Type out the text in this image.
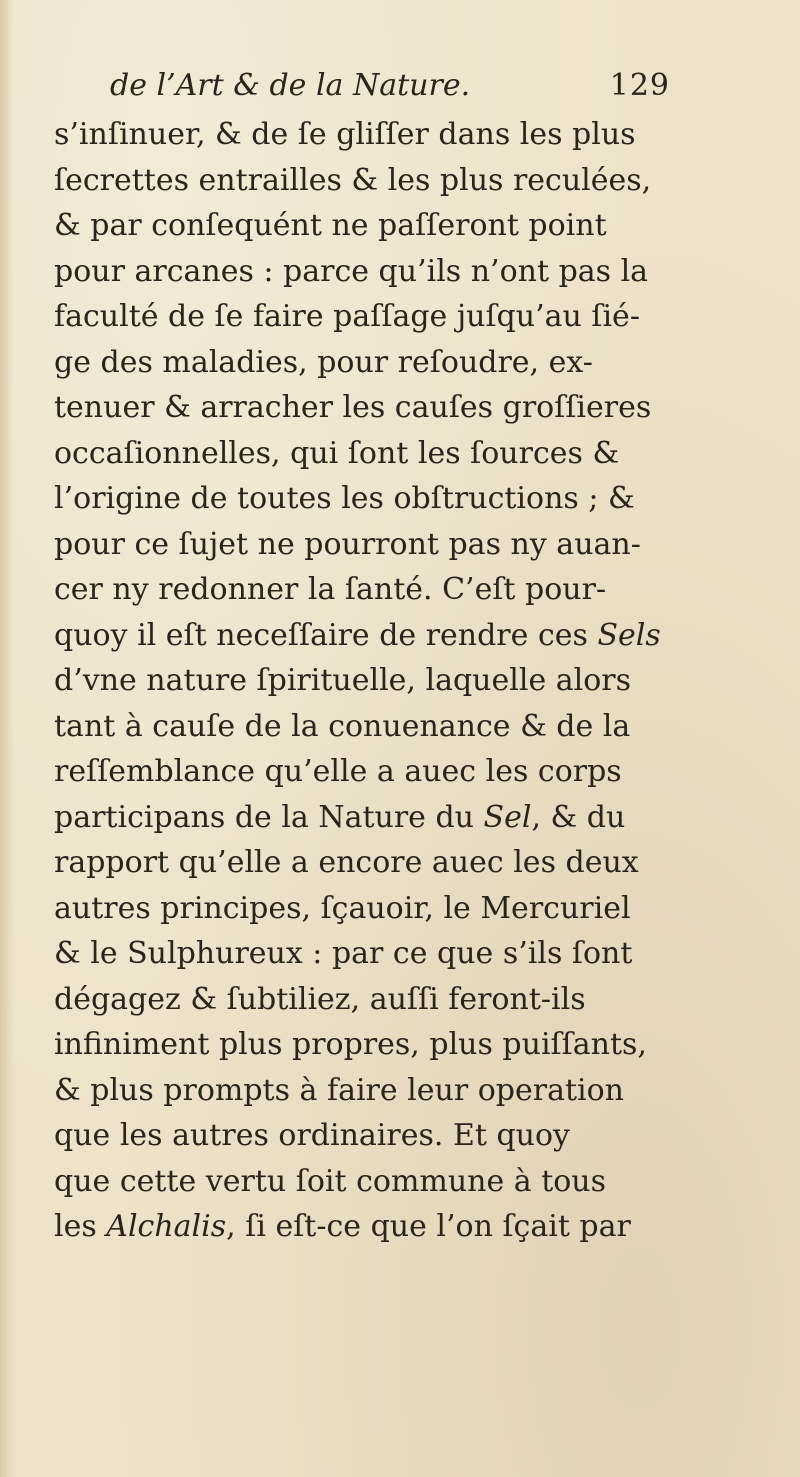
de l’Art & de la Nature.	129
s’inſinuer, & de ſe gliſſer dans les plus
ſecrettes entrailles & les plus reculées,
& par conſequént ne paſſeront point
pour arcanes : parce qu’ils n’ont pas la
faculté de ſe faire paſſage juſqu’au ſié-
ge des maladies, pour reſoudre, ex-
tenuer & arracher les cauſes groſſieres
occaſionnelles, qui ſont les ſources &
l’origine de toutes les obſtructions ; &
pour ce ſujet ne pourront pas ny auan-
cer ny redonner la ſanté. C’eſt pour-
quoy il eſt neceſſaire de rendre ces Sels
d’vne nature ſpirituelle, laquelle alors
tant à cauſe de la conuenance & de la
reſſemblance qu’elle a auec les corps
participans de la Nature du Sel, & du
rapport qu’elle a encore auec les deux
autres principes, ſçauoir, le Mercuriel
& le Sulphureux : par ce que s’ils ſont
dégagez & ſubtiliez, auſſi feront-ils
infiniment plus propres, plus puiſſants,
& plus prompts à faire leur operation
que les autres ordinaires. Et quoy
que cette vertu ſoit commune à tous
les Alchalis, ſi eſt-ce que l’on ſçait par
